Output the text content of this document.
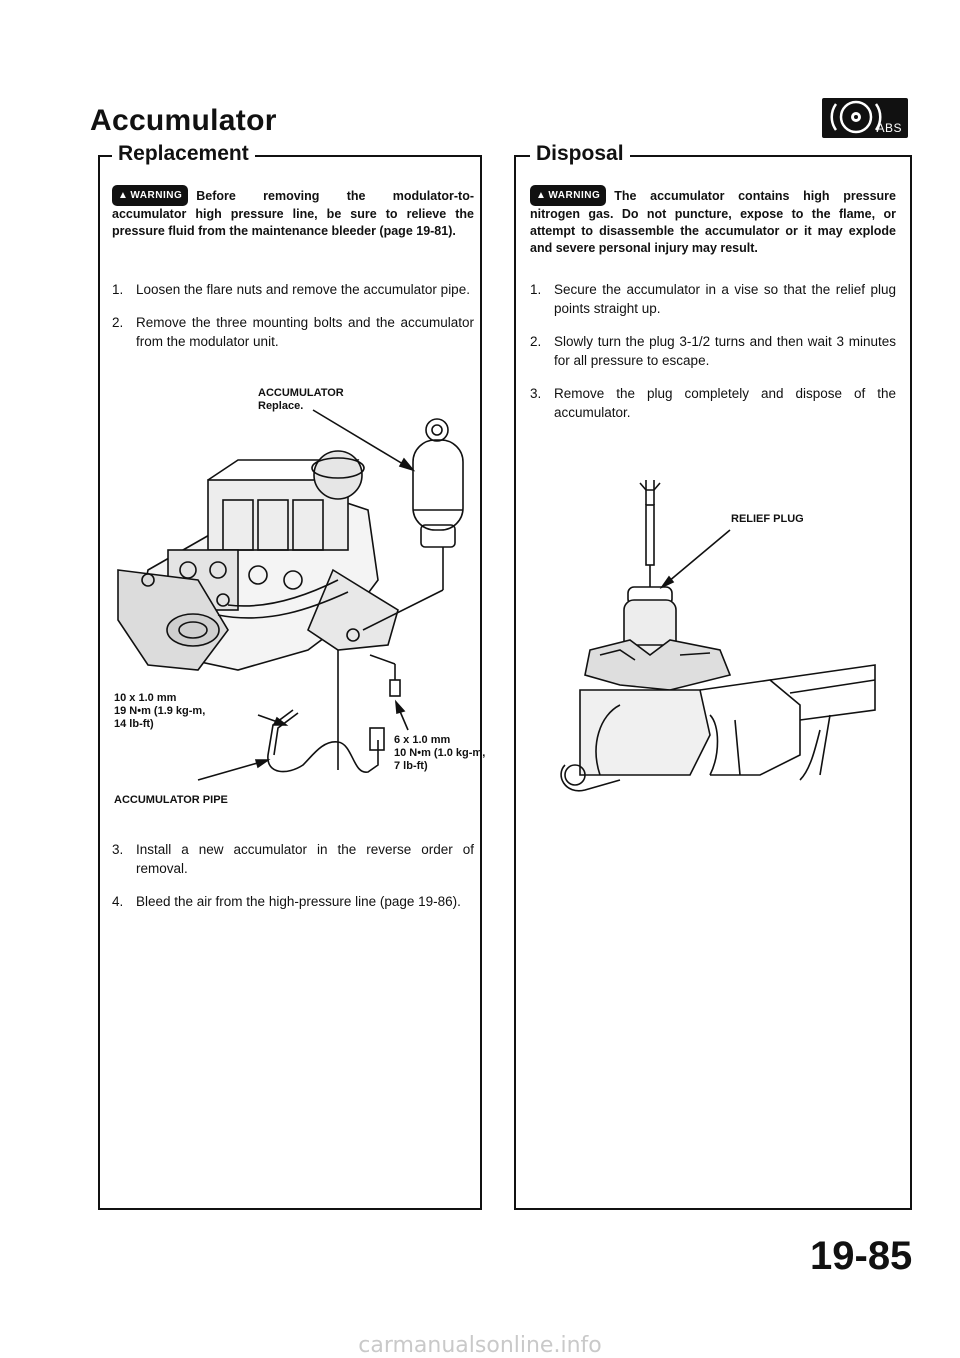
Accumulator	ABS
Replacement
▲ WARNING Before removing the modulator-to-accumulator high pressure line, be sure to relieve the pressure fluid from the maintenance bleeder (page 19-81).
1. Loosen the flare nuts and remove the accumulator pipe.
2. Remove the three mounting bolts and the accumulator from the modulator unit.
ACCUMULATOR
Replace.
10 x 1.0 mm
19 N•m (1.9 kg-m,
14 lb-ft)
6 x 1.0 mm
10 N•m (1.0 kg-m,
7 lb-ft)
ACCUMULATOR PIPE
3. Install a new accumulator in the reverse order of removal.
4. Bleed the air from the high-pressure line (page 19-86).
Disposal
▲ WARNING The accumulator contains high pressure nitrogen gas. Do not puncture, expose to the flame, or attempt to disassemble the accumulator or it may explode and severe personal injury may result.
1. Secure the accumulator in a vise so that the relief plug points straight up.
2. Slowly turn the plug 3-1/2 turns and then wait 3 minutes for all pressure to escape.
3. Remove the plug completely and dispose of the accumulator.
RELIEF PLUG
19-85
carmanualsonline.info
